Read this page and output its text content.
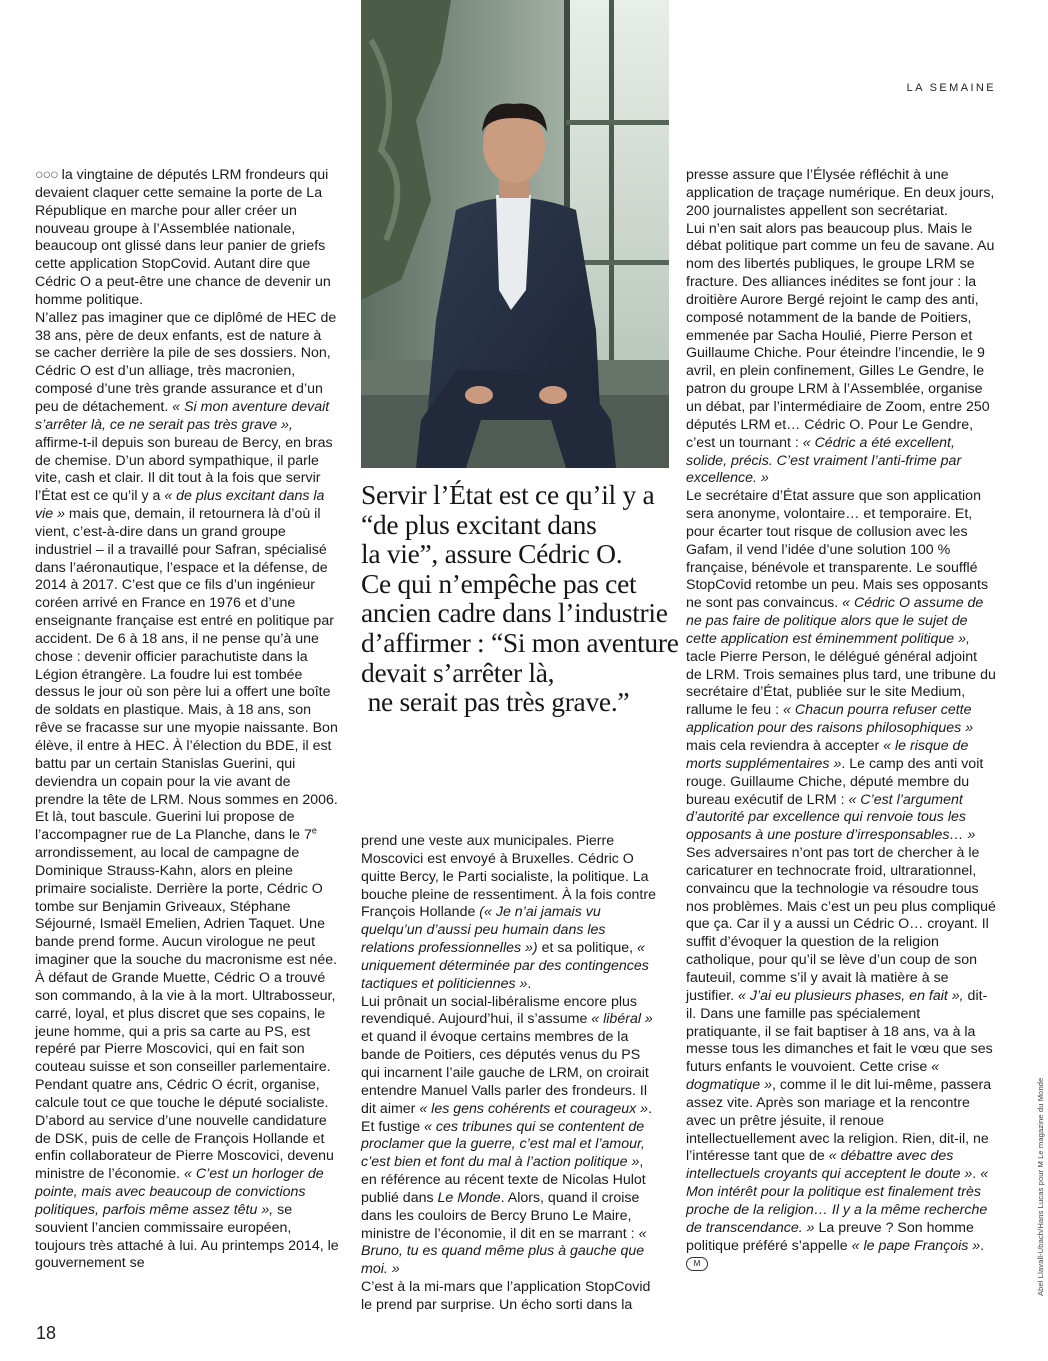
LA SEMAINE
Servir l’État est ce qu’il y a
“de plus excitant dans
la vie”, assure Cédric O.
Ce qui n’empêche pas cet
ancien cadre dans l’industrie
d’affirmer : “Si mon aventure
devait s’arrêter là,
ne serait pas très grave.”

○○○ la vingtaine de députés LRM frondeurs qui devaient claquer cette semaine la porte de La République en marche pour aller créer un nouveau groupe à l’Assemblée nationale, beaucoup ont glissé dans leur panier de griefs cette application StopCovid. Autant dire que Cédric O a peut-être une chance de devenir un homme politique.

N’allez pas imaginer que ce diplômé de HEC de 38 ans, père de deux enfants, est de nature à se cacher derrière la pile de ses dossiers. Non, Cédric O est d’un alliage, très macronien, composé d’une très grande assurance et d’un peu de détachement. « Si mon aventure devait s’arrêter là, ce ne serait pas très grave », affirme-t-il depuis son bureau de Bercy, en bras de chemise. D’un abord sympathique, il parle vite, cash et clair. Il dit tout à la fois que servir l’État est ce qu’il y a « de plus excitant dans la vie » mais que, demain, il retournera là d’où il vient, c’est-à-dire dans un grand groupe industriel – il a travaillé pour Safran, spécialisé dans l’aéronautique, l’espace et la défense, de 2014 à 2017. C’est que ce fils d’un ingénieur coréen arrivé en France en 1976 et d’une enseignante française est entré en politique par accident. De 6 à 18 ans, il ne pense qu’à une chose : devenir officier parachutiste dans la Légion étrangère. La foudre lui est tombée dessus le jour où son père lui a offert une boîte de soldats en plastique. Mais, à 18 ans, son rêve se fracasse sur une myopie naissante. Bon élève, il entre à HEC. À l’élection du BDE, il est battu par un certain Stanislas Guerini, qui deviendra un copain pour la vie avant de prendre la tête de LRM. Nous sommes en 2006. Et là, tout bascule. Guerini lui propose de l’accompagner rue de La Planche, dans le 7e arrondissement, au local de campagne de Dominique Strauss-Kahn, alors en pleine primaire socialiste. Derrière la porte, Cédric O tombe sur Benjamin Griveaux, Stéphane Séjourné, Ismaël Emelien, Adrien Taquet. Une bande prend forme. Aucun virologue ne peut imaginer que la souche du macronisme est née.

À défaut de Grande Muette, Cédric O a trouvé son commando, à la vie à la mort. Ultrabosseur, carré, loyal, et plus discret que ses copains, le jeune homme, qui a pris sa carte au PS, est repéré par Pierre Moscovici, qui en fait son couteau suisse et son conseiller parlementaire. Pendant quatre ans, Cédric O écrit, organise, calcule tout ce que touche le député socialiste. D’abord au service d’une nouvelle candidature de DSK, puis de celle de François Hollande et enfin collaborateur de Pierre Moscovici, devenu ministre de l’économie. « C’est un horloger de pointe, mais avec beaucoup de convictions politiques, parfois même assez têtu », se souvient l’ancien commissaire européen, toujours très attaché à lui. Au printemps 2014, le gouvernement se

prend une veste aux municipales. Pierre Moscovici est envoyé à Bruxelles. Cédric O quitte Bercy, le Parti socialiste, la politique. La bouche pleine de ressentiment. À la fois contre François Hollande (« Je n’ai jamais vu quelqu’un d’aussi peu humain dans les relations professionnelles ») et sa politique, « uniquement déterminée par des contingences tactiques et politiciennes ».

Lui prônait un social-libéralisme encore plus revendiqué. Aujourd’hui, il s’assume « libéral » et quand il évoque certains membres de la bande de Poitiers, ces députés venus du PS qui incarnent l’aile gauche de LRM, on croirait entendre Manuel Valls parler des frondeurs. Il dit aimer « les gens cohérents et courageux ». Et fustige « ces tribunes qui se contentent de proclamer que la guerre, c’est mal et l’amour, c’est bien et font du mal à l’action politique », en référence au récent texte de Nicolas Hulot publié dans Le Monde. Alors, quand il croise dans les couloirs de Bercy Bruno Le Maire, ministre de l’économie, il dit en se marrant : « Bruno, tu es quand même plus à gauche que moi. »

C’est à la mi-mars que l’application StopCovid le prend par surprise. Un écho sorti dans la

presse assure que l’Élysée réfléchit à une application de traçage numérique. En deux jours, 200 journalistes appellent son secrétariat.

Lui n’en sait alors pas beaucoup plus. Mais le débat politique part comme un feu de savane. Au nom des libertés publiques, le groupe LRM se fracture. Des alliances inédites se font jour : la droitière Aurore Bergé rejoint le camp des anti, composé notamment de la bande de Poitiers, emmenée par Sacha Houlié, Pierre Person et Guillaume Chiche. Pour éteindre l’incendie, le 9 avril, en plein confinement, Gilles Le Gendre, le patron du groupe LRM à l’Assemblée, organise un débat, par l’intermédiaire de Zoom, entre 250 députés LRM et… Cédric O. Pour Le Gendre, c’est un tournant : « Cédric a été excellent, solide, précis. C’est vraiment l’anti-frime par excellence. »

Le secrétaire d’État assure que son application sera anonyme, volontaire… et temporaire. Et, pour écarter tout risque de collusion avec les Gafam, il vend l’idée d’une solution 100 % française, bénévole et transparente. Le soufflé StopCovid retombe un peu. Mais ses opposants ne sont pas convaincus. « Cédric O assume de ne pas faire de politique alors que le sujet de cette application est éminemment politique », tacle Pierre Person, le délégué général adjoint de LRM. Trois semaines plus tard, une tribune du secrétaire d’État, publiée sur le site Medium, rallume le feu : « Chacun pourra refuser cette application pour des raisons philosophiques » mais cela reviendra à accepter « le risque de morts supplémentaires ». Le camp des anti voit rouge. Guillaume Chiche, député membre du bureau exécutif de LRM : « C’est l’argument d’autorité par excellence qui renvoie tous les opposants à une posture d’irresponsables… »

Ses adversaires n’ont pas tort de chercher à le caricaturer en technocrate froid, ultrarationnel, convaincu que la technologie va résoudre tous nos problèmes. Mais c’est un peu plus compliqué que ça. Car il y a aussi un Cédric O… croyant. Il suffit d’évoquer la question de la religion catholique, pour qu’il se lève d’un coup de son fauteuil, comme s’il y avait là matière à se justifier. « J’ai eu plusieurs phases, en fait », dit-il. Dans une famille pas spécialement pratiquante, il se fait baptiser à 18 ans, va à la messe tous les dimanches et fait le vœu que ses futurs enfants le vouvoient. Cette crise « dogmatique », comme il le dit lui-même, passera assez vite. Après son mariage et la rencontre avec un prêtre jésuite, il renoue intellectuellement avec la religion. Rien, dit-il, ne l’intéresse tant que de « débattre avec des intellectuels croyants qui acceptent le doute ». « Mon intérêt pour la politique est finalement très proche de la religion… Il y a la même recherche de transcendance. » La preuve ? Son homme politique préféré s’appelle « le pape François ». M	Abel Llavall-Ubach/Hans Lucas pour M Le magazine du Monde
18
